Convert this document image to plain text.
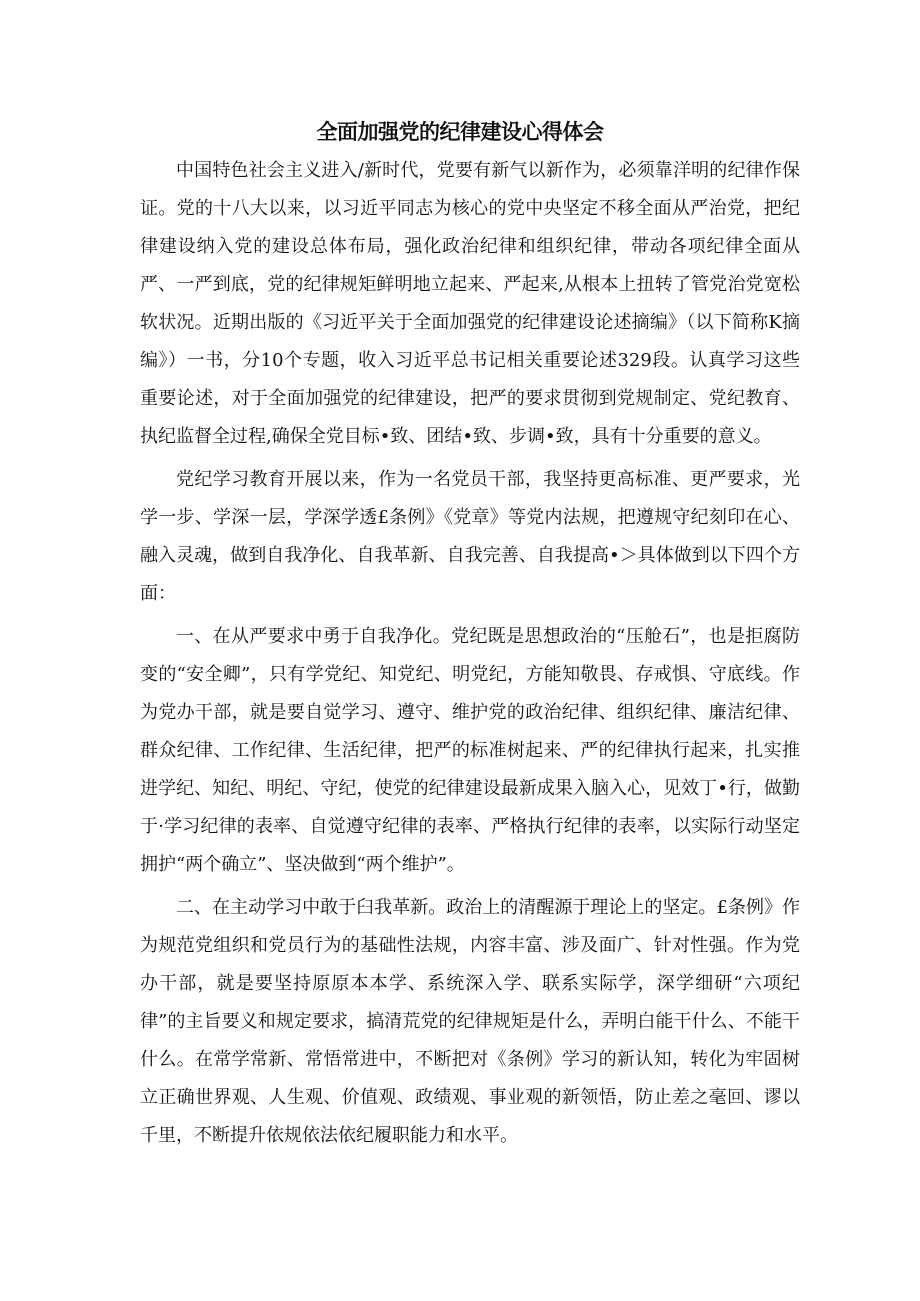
全面加强党的纪律建设心得体会

中国特色社会主义进入/新时代，党要有新气以新作为，必须靠洋明的纪律作保证。党的十八大以来，以习近平同志为核心的党中央坚定不移全面从严治党，把纪律建设纳入党的建设总体布局，强化政治纪律和组织纪律，带动各项纪律全面从严、一严到底，党的纪律规矩鲜明地立起来、严起来,从根本上扭转了管党治党宽松软状况。近期出版的《习近平关于全面加强党的纪律建设论述摘编》（以下简称K摘编》）一书，分10个专题，收入习近平总书记相关重要论述329段。认真学习这些重要论述，对于全面加强党的纪律建设，把严的要求贯彻到党规制定、党纪教育、执纪监督全过程,确保全党目标•致、团结•致、步调•致，具有十分重要的意义。

党纪学习教育开展以来，作为一名党员干部，我坚持更高标准、更严要求，光学一步、学深一层，学深学透£条例》《党章》等党内法规，把遵规守纪刻印在心、融入灵魂，做到自我净化、自我革新、自我完善、自我提高•＞具体做到以下四个方面：

一、在从严要求中勇于自我净化。党纪既是思想政治的“压舱石”，也是拒腐防变的“安全卿”，只有学党纪、知党纪、明党纪，方能知敬畏、存戒惧、守底线。作为党办干部，就是要自觉学习、遵守、维护党的政治纪律、组织纪律、廉洁纪律、群众纪律、工作纪律、生活纪律，把严的标准树起来、严的纪律执行起来，扎实推进学纪、知纪、明纪、守纪，使党的纪律建设最新成果入脑入心，见效丁•行，做勤于·学习纪律的表率、自觉遵守纪律的表率、严格执行纪律的表率，以实际行动坚定拥护“两个确立”、坚决做到“两个维护”。

二、在主动学习中敢于臼我革新。政治上的清醒源于理论上的坚定。£条例》作为规范党组织和党员行为的基础性法规，内容丰富、涉及面广、针对性强。作为党办干部，就是要坚持原原本本学、系统深入学、联系实际学，深学细研“六项纪律”的主旨要义和规定要求，搞清荒党的纪律规矩是什么，弄明白能干什么、不能干什么。在常学常新、常悟常进中，不断把对《条例》学习的新认知，转化为牢固树立正确世界观、人生观、价值观、政绩观、事业观的新领悟，防止差之毫回、谬以千里，不断提升依规依法依纪履职能力和水平。
